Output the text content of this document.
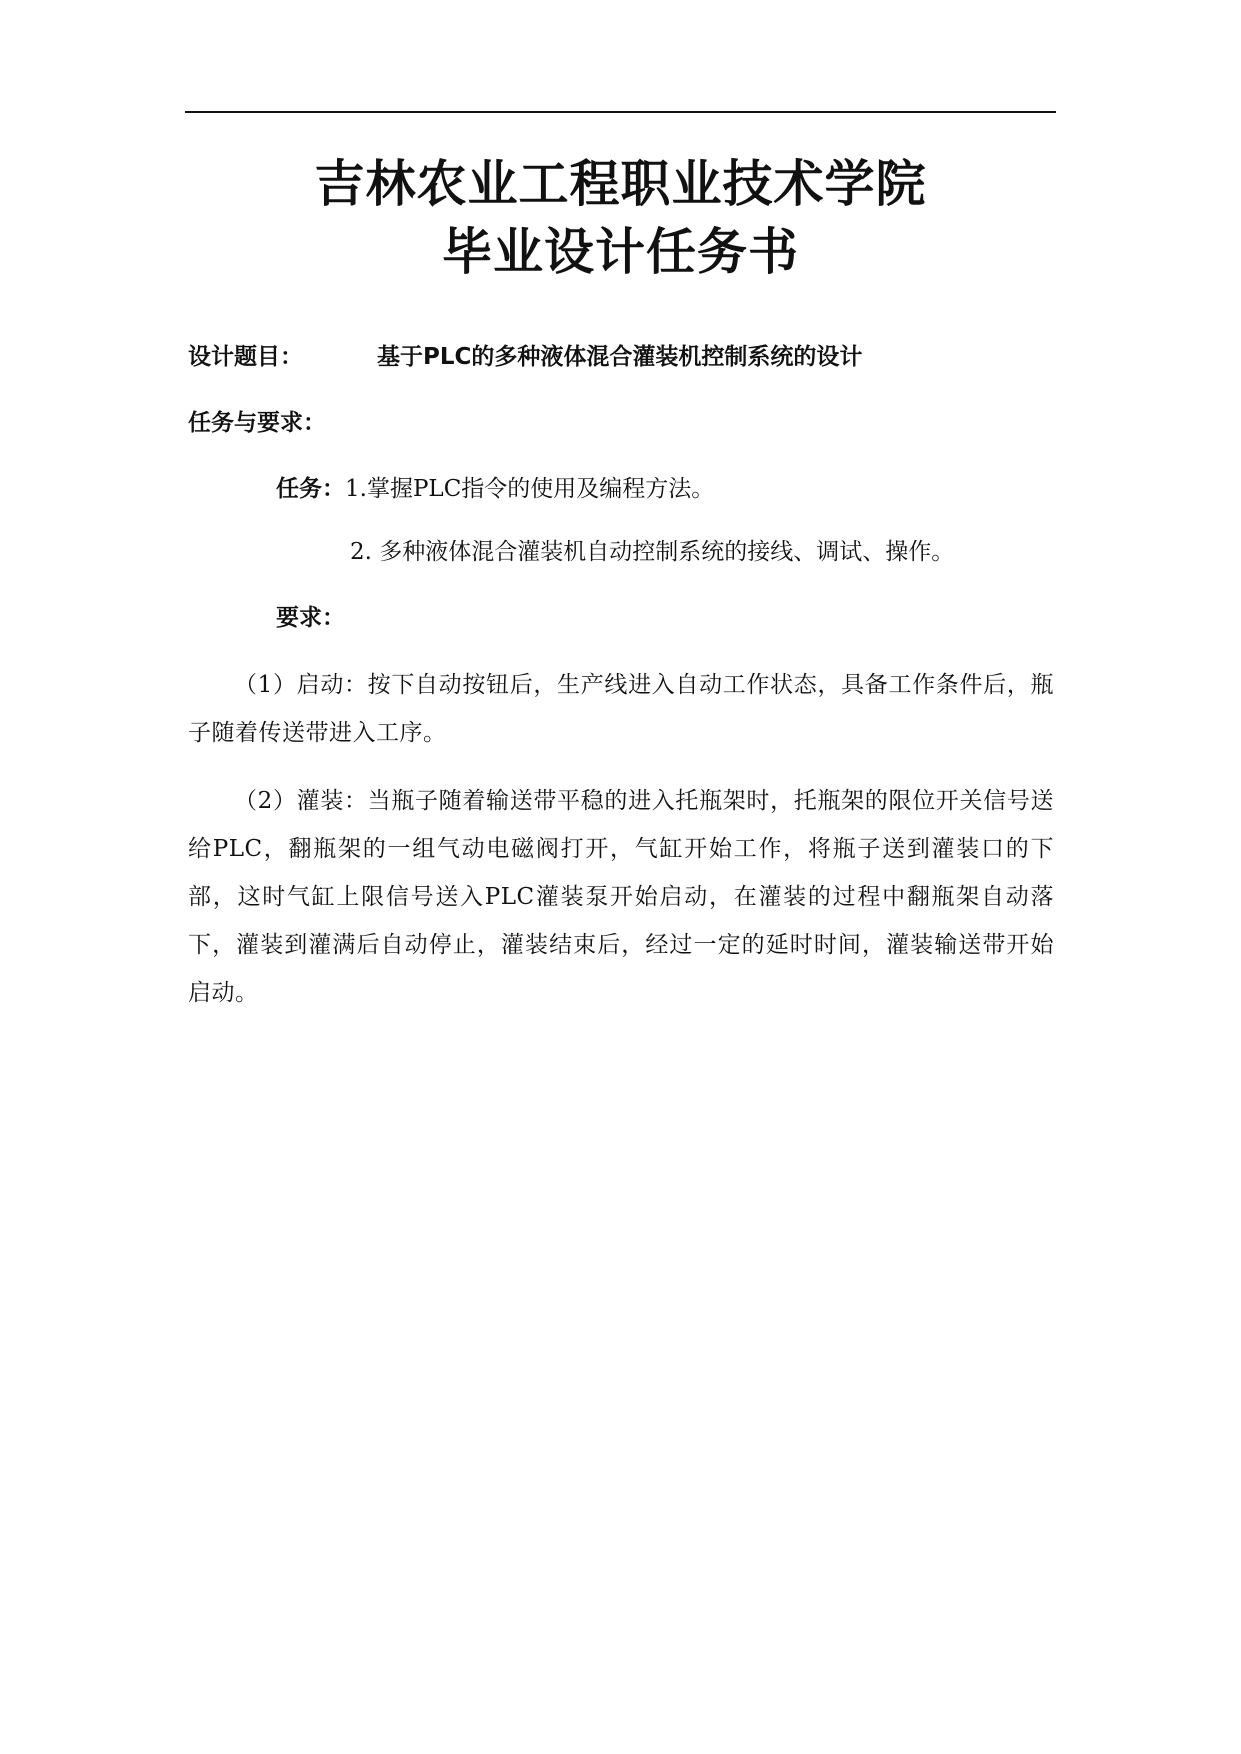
吉林农业工程职业技术学院
毕业设计任务书
设计题目：	基于PLC的多种液体混合灌装机控制系统的设计
任务与要求：
任务：1.掌握PLC指令的使用及编程方法。
2. 多种液体混合灌装机自动控制系统的接线、调试、操作。
要求：
（1）启动：按下自动按钮后，生产线进入自动工作状态，具备工作条件后，瓶子随着传送带进入工序。
（2）灌装：当瓶子随着输送带平稳的进入托瓶架时，托瓶架的限位开关信号送给PLC，翻瓶架的一组气动电磁阀打开，气缸开始工作，将瓶子送到灌装口的下部，这时气缸上限信号送入PLC灌装泵开始启动，在灌装的过程中翻瓶架自动落下，灌装到灌满后自动停止，灌装结束后，经过一定的延时时间，灌装输送带开始启动。
